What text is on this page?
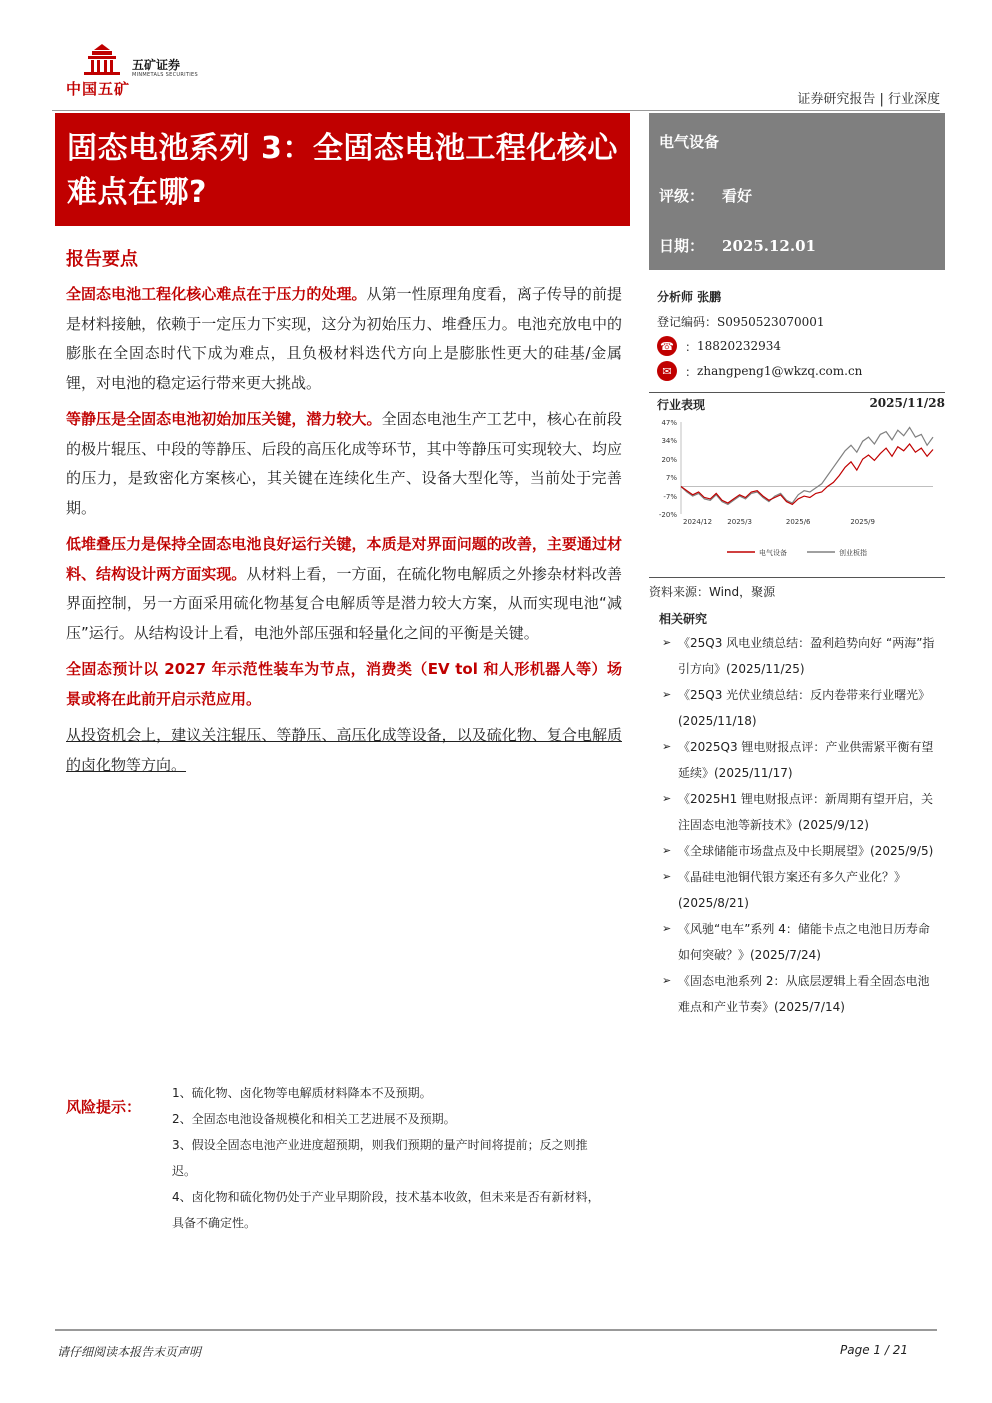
中国五矿
五矿证券
MINMETALS SECURITIES
证券研究报告 | 行业深度
固态电池系列 3：全固态电池工程化核心难点在哪?
电气设备
评级： 看好
日期： 2025.12.01
分析师 张鹏
登记编码：S0950523070001
☎ ： 18820232934
✉	： zhangpeng1@wkzq.com.cn
行业表现	2025/11/28
47%
34%
20%
7%
-7%
-20%
2024/12 2025/3	2025/6	2025/9
电气设备	创业板指
资料来源：Wind，聚源
相关研究
➢ 《25Q3 风电业绩总结：盈利趋势向好 “两海”指引方向》(2025/11/25)
➢ 《25Q3 光伏业绩总结：反内卷带来行业曙光》(2025/11/18)
➢ 《2025Q3 锂电财报点评：产业供需紧平衡有望延续》(2025/11/17)
➢ 《2025H1 锂电财报点评：新周期有望开启，关注固态电池等新技术》(2025/9/12)
➢ 《全球储能市场盘点及中长期展望》(2025/9/5)
➢ 《晶硅电池铜代银方案还有多久产业化？》(2025/8/21)
➢ 《风驰“电车”系列 4：储能卡点之电池日历寿命如何突破？》(2025/7/24)
➢ 《固态电池系列 2：从底层逻辑上看全固态电池难点和产业节奏》(2025/7/14)
报告要点

全固态电池工程化核心难点在于压力的处理。从第一性原理角度看，离子传导的前提是材料接触，依赖于一定压力下实现，这分为初始压力、堆叠压力。电池充放电中的膨胀在全固态时代下成为难点，且负极材料迭代方向上是膨胀性更大的硅基/金属锂，对电池的稳定运行带来更大挑战。

等静压是全固态电池初始加压关键，潜力较大。全固态电池生产工艺中，核心在前段的极片辊压、中段的等静压、后段的高压化成等环节，其中等静压可实现较大、均应的压力，是致密化方案核心，其关键在连续化生产、设备大型化等，当前处于完善期。

低堆叠压力是保持全固态电池良好运行关键，本质是对界面问题的改善，主要通过材料、结构设计两方面实现。从材料上看，一方面，在硫化物电解质之外掺杂材料改善界面控制，另一方面采用硫化物基复合电解质等是潜力较大方案，从而实现电池“减压”运行。从结构设计上看，电池外部压强和轻量化之间的平衡是关键。

全固态预计以 2027 年示范性装车为节点，消费类（EV tol 和人形机器人等）场景或将在此前开启示范应用。

从投资机会上，建议关注辊压、等静压、高压化成等设备，以及硫化物、复合电解质的卤化物等方向。

风险提示：
1、硫化物、卤化物等电解质材料降本不及预期。
2、全固态电池设备规模化和相关工艺进展不及预期。
3、假设全固态电池产业进度超预期，则我们预期的量产时间将提前；反之则推迟。
4、卤化物和硫化物仍处于产业早期阶段，技术基本收敛，但未来是否有新材料，具备不确定性。
请仔细阅读本报告末页声明	Page 1 / 21
